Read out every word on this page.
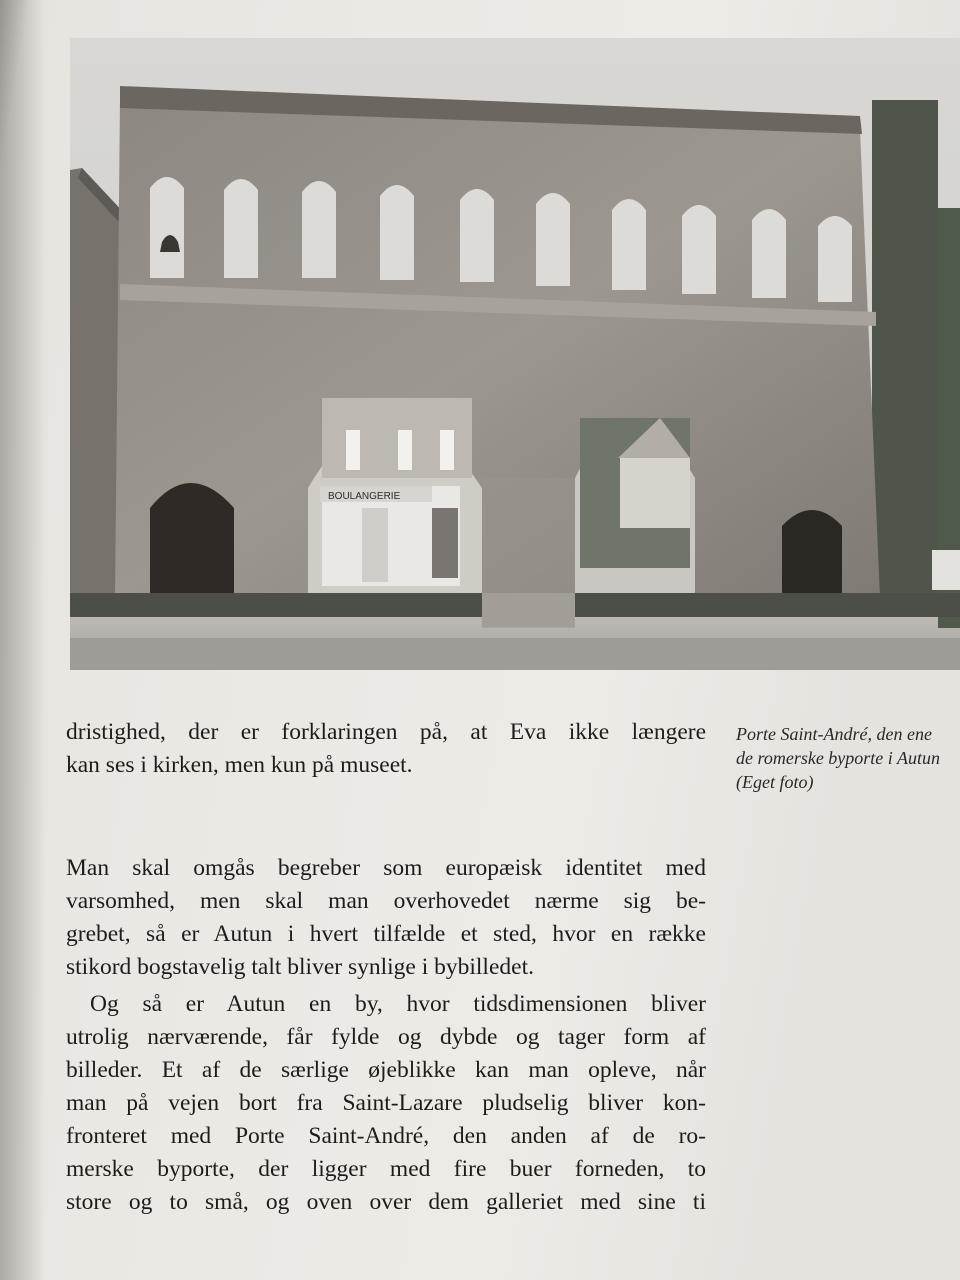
BOULANGERIE
Porte Saint-André, den ene
de romerske byporte i Autun
(Eget foto)
dristighed, der er forklaringen på, at Eva ikke længere
kan ses i kirken, men kun på museet.
Man skal omgås begreber som europæisk identitet med
varsomhed, men skal man overhovedet nærme sig be-
grebet, så er Autun i hvert tilfælde et sted, hvor en række
stikord bogstavelig talt bliver synlige i bybilledet.
Og så er Autun en by, hvor tidsdimensionen bliver
utrolig nærværende, får fylde og dybde og tager form af
billeder. Et af de særlige øjeblikke kan man opleve, når
man på vejen bort fra Saint-Lazare pludselig bliver kon-
fronteret med Porte Saint-André, den anden af de ro-
merske byporte, der ligger med fire buer forneden, to
store og to små, og oven over dem galleriet med sine ti
